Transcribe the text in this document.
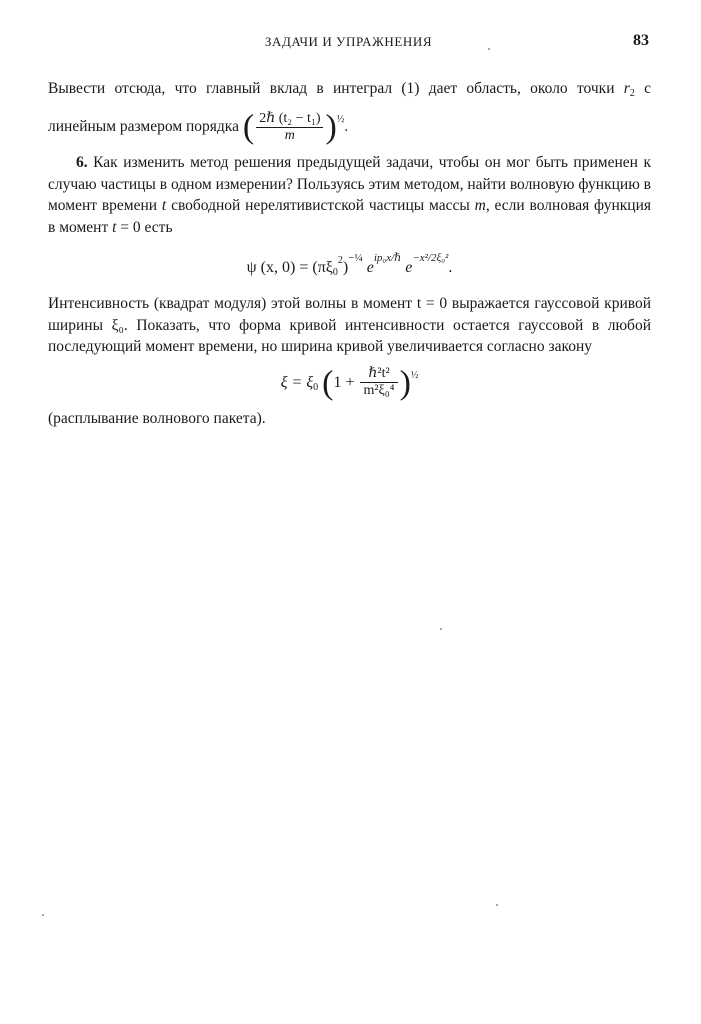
ЗАДАЧИ И УПРАЖНЕНИЯ	83

Вывести отсюда, что главный вклад в интеграл (1) дает область, около точки $r_2$ с линейным размером порядка ( $\frac{\text{2ℏ (t₂ − t₁)}}{m} )^{\frac{1}{2}}$.

6. Как изменить метод решения предыдущей задачи, чтобы он мог быть применен к случаю частицы в одном измерении? Пользуясь этим методом, найти волновую функцию в момент времени t свободной нерелятивистской частицы массы m, если волновая функция в момент t = 0 есть

ψ (x, $0) = (\pi\xi_0^2)^{-\frac{1}{4}}$ $e^{ip_0x/\hbar}$ $e^{-x^2/2\xi_0^2}$.

Интенсивность (квадрат модуля) этой волны в момент t = 0 выражается гауссовой кривой ширины ξ₀. Показать, что форма кривой интенсивности остается гауссовой в любой последующий момент времени, но ширина кривой увеличивается согласно закону

$\xi = \xi_0$ $(1 + \frac{\text{ℏ²t²}}{\text{m²ξ₀⁴}} )^{\frac{1}{2}}$

(расплывание волнового пакета).
